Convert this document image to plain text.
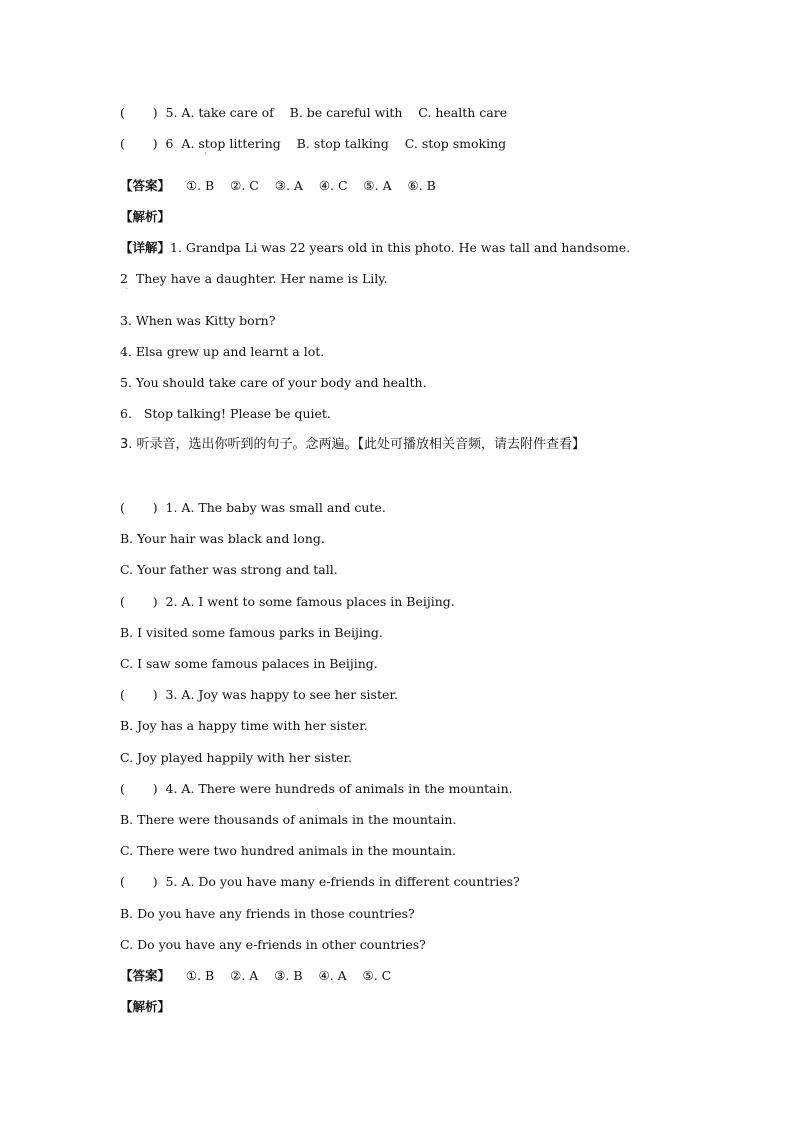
(       )  5. A. take care of    B. be careful with    C. health care
(       )  6  A. stop littering    B. stop talking    C. stop smoking
ˋ
【答案】    ①. B    ②. C    ③. A    ④. C    ⑤. A    ⑥. B
【解析】
【详解】1. Grandpa Li was 22 years old in this photo. He was tall and handsome.
2  They have a daughter. Her name is Lily.
ˋ
3. When was Kitty born?
4. Elsa grew up and learnt a lot.
5. You should take care of your body and health.
6.   Stop talking! Please be quiet.
3. 听录音，选出你听到的句子。念两遍。【此处可播放相关音频，请去附件查看】
(       )  1. A. The baby was small and cute.
B. Your hair was black and long.
C. Your father was strong and tall.
(       )  2. A. I went to some famous places in Beijing.
B. I visited some famous parks in Beijing.
C. I saw some famous palaces in Beijing.
(       )  3. A. Joy was happy to see her sister.
B. Joy has a happy time with her sister.
C. Joy played happily with her sister.
(       )  4. A. There were hundreds of animals in the mountain.
B. There were thousands of animals in the mountain.
C. There were two hundred animals in the mountain.
(       )  5. A. Do you have many e-friends in different countries?
B. Do you have any friends in those countries?
C. Do you have any e-friends in other countries?
【答案】    ①. B    ②. A    ③. B    ④. A    ⑤. C
【解析】
